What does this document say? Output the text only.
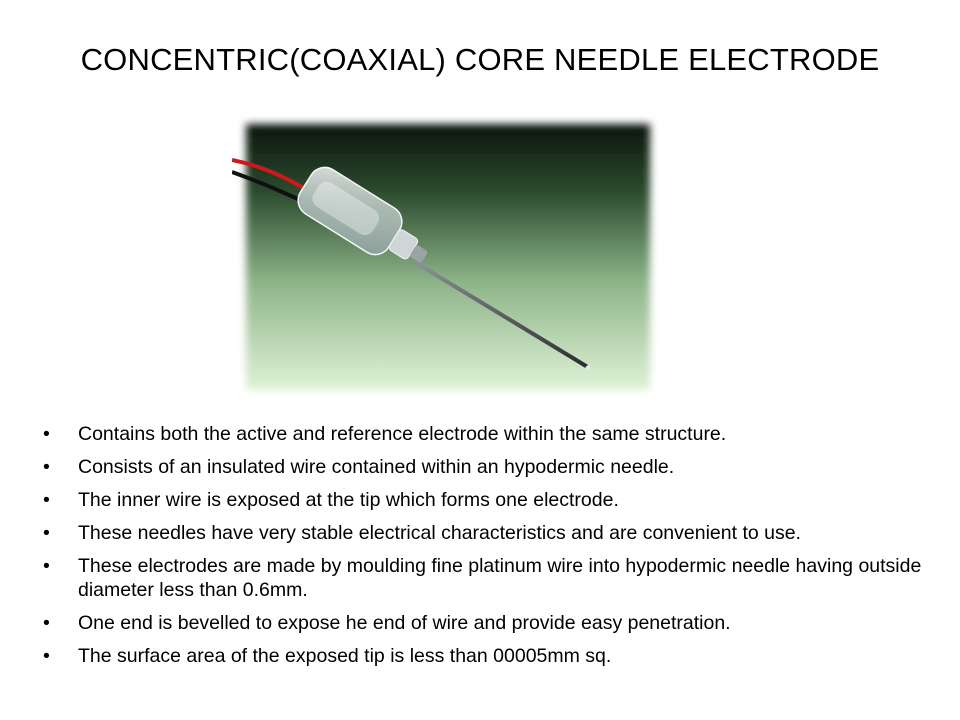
CONCENTRIC(COAXIAL) CORE NEEDLE ELECTRODE
• Contains both the active and reference electrode within the same structure.
• Consists of an insulated wire contained within an hypodermic needle.
• The inner wire is exposed at the tip which forms one electrode.
• These needles have very stable electrical characteristics and are convenient to use.
• These electrodes are made by moulding fine platinum wire into hypodermic needle having outside diameter less than 0.6mm.
• One end is bevelled to expose he end of wire and provide easy penetration.
• The surface area of the exposed tip is less than 00005mm sq.
